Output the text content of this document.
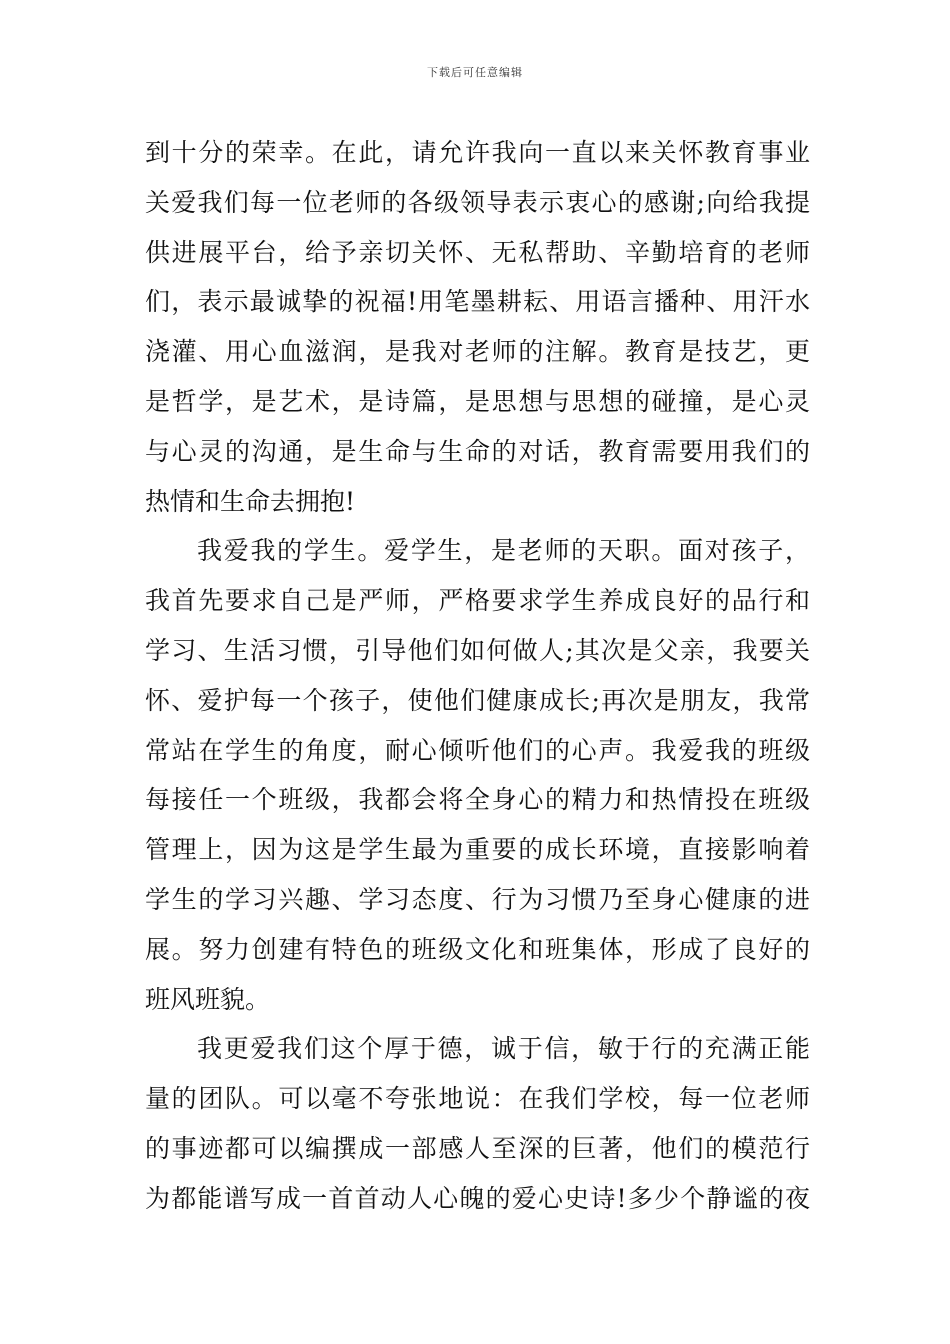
下载后可任意编辑
到十分的荣幸。在此，请允许我向一直以来关怀教育事业
关爱我们每一位老师的各级领导表示衷心的感谢;向给我提
供进展平台，给予亲切关怀、无私帮助、辛勤培育的老师
们，表示最诚挚的祝福!用笔墨耕耘、用语言播种、用汗水
浇灌、用心血滋润，是我对老师的注解。教育是技艺，更
是哲学，是艺术，是诗篇，是思想与思想的碰撞，是心灵
与心灵的沟通，是生命与生命的对话，教育需要用我们的
热情和生命去拥抱!
我爱我的学生。爱学生，是老师的天职。面对孩子，
我首先要求自己是严师，严格要求学生养成良好的品行和
学习、生活习惯，引导他们如何做人;其次是父亲，我要关
怀、爱护每一个孩子，使他们健康成长;再次是朋友，我常
常站在学生的角度，耐心倾听他们的心声。我爱我的班级
每接任一个班级，我都会将全身心的精力和热情投在班级
管理上，因为这是学生最为重要的成长环境，直接影响着
学生的学习兴趣、学习态度、行为习惯乃至身心健康的进
展。努力创建有特色的班级文化和班集体，形成了良好的
班风班貌。
我更爱我们这个厚于德，诚于信，敏于行的充满正能
量的团队。可以毫不夸张地说：在我们学校，每一位老师
的事迹都可以编撰成一部感人至深的巨著，他们的模范行
为都能谱写成一首首动人心魄的爱心史诗!多少个静谧的夜
